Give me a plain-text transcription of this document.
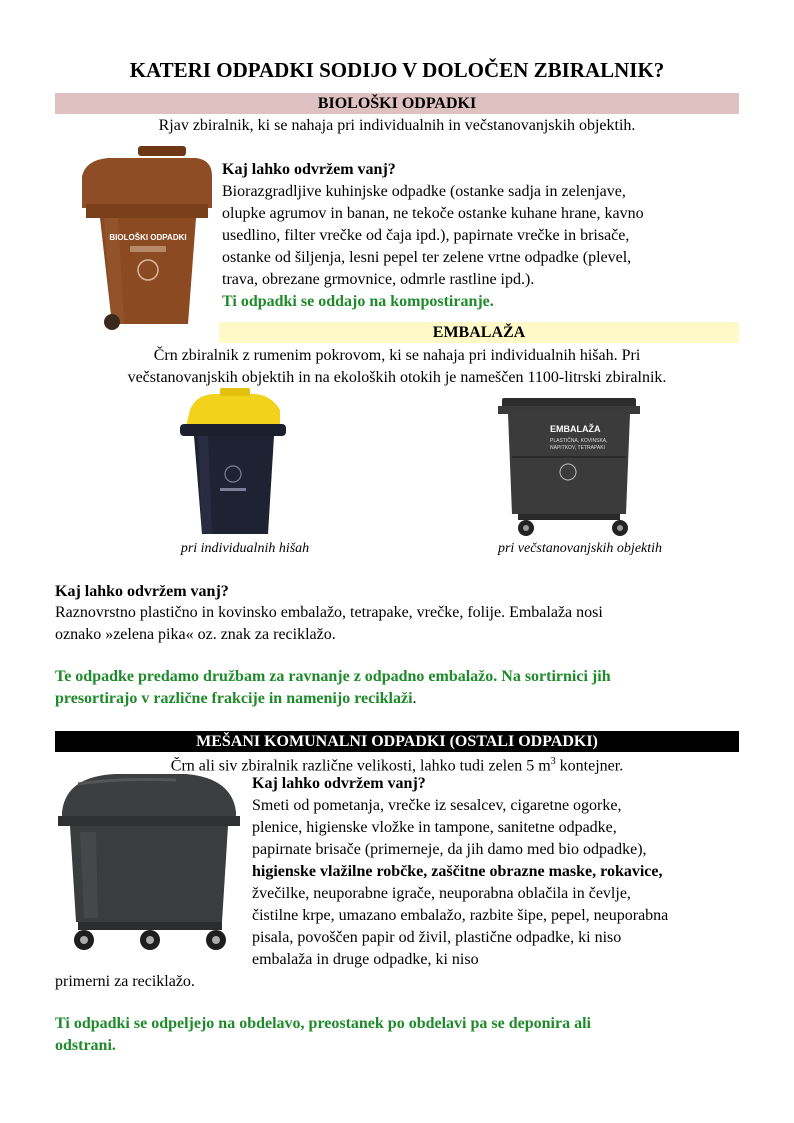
KATERI ODPADKI SODIJO V DOLOČEN ZBIRALNIK?
BIOLOŠKI ODPADKI
Rjav zbiralnik, ki se nahaja pri individualnih in večstanovanjskih objektih.
BIOLOŠKI ODPADKI
Kaj lahko odvržem vanj?
Biorazgradljive kuhinjske odpadke (ostanke sadja in zelenjave,
olupke agrumov in banan, ne tekoče ostanke kuhane hrane, kavno
usedlino, filter vrečke od čaja ipd.), papirnate vrečke in brisače,
ostanke od šiljenja, lesni pepel ter zelene vrtne odpadke (plevel,
trava, obrezane grmovnice, odmrle rastline ipd.).
Ti odpadki se oddajo na kompostiranje.
EMBALAŽA
Črn zbiralnik z rumenim pokrovom, ki se nahaja pri individualnih hišah. Pri
večstanovanjskih objektih in na ekoloških otokih je nameščen 1100-litrski zbiralnik.
EMBALAŽA
PLASTIČNA, KOVINSKA,
NAPITKOV, TETRAPAKI
pri individualnih hišah	pri večstanovanjskih objektih
Kaj lahko odvržem vanj?
Raznovrstno plastično in kovinsko embalažo, tetrapake, vrečke, folije. Embalaža nosi
oznako »zelena pika« oz. znak za reciklažo.
Te odpadke predamo družbam za ravnanje z odpadno embalažo. Na sortirnici jih
presortirajo v različne frakcije in namenijo reciklaži.
MEŠANI KOMUNALNI ODPADKI (OSTALI ODPADKI)
Črn ali siv zbiralnik različne velikosti, lahko tudi zelen 5 $m^3$ kontejner.
Kaj lahko odvržem vanj?
Smeti od pometanja, vrečke iz sesalcev, cigaretne ogorke,
plenice, higienske vložke in tampone, sanitetne odpadke,
papirnate brisače (primerneje, da jih damo med bio odpadke),
higienske vlažilne robčke, zaščitne obrazne maske, rokavice,
žvečilke, neuporabne igrače, neuporabna oblačila in čevlje,
čistilne krpe, umazano embalažo, razbite šipe, pepel, neuporabna
pisala, povoščen papir od živil, plastične odpadke, ki niso
embalaža in druge odpadke, ki niso
primerni za reciklažo.
Ti odpadki se odpeljejo na obdelavo, preostanek po obdelavi pa se deponira ali
odstrani.
